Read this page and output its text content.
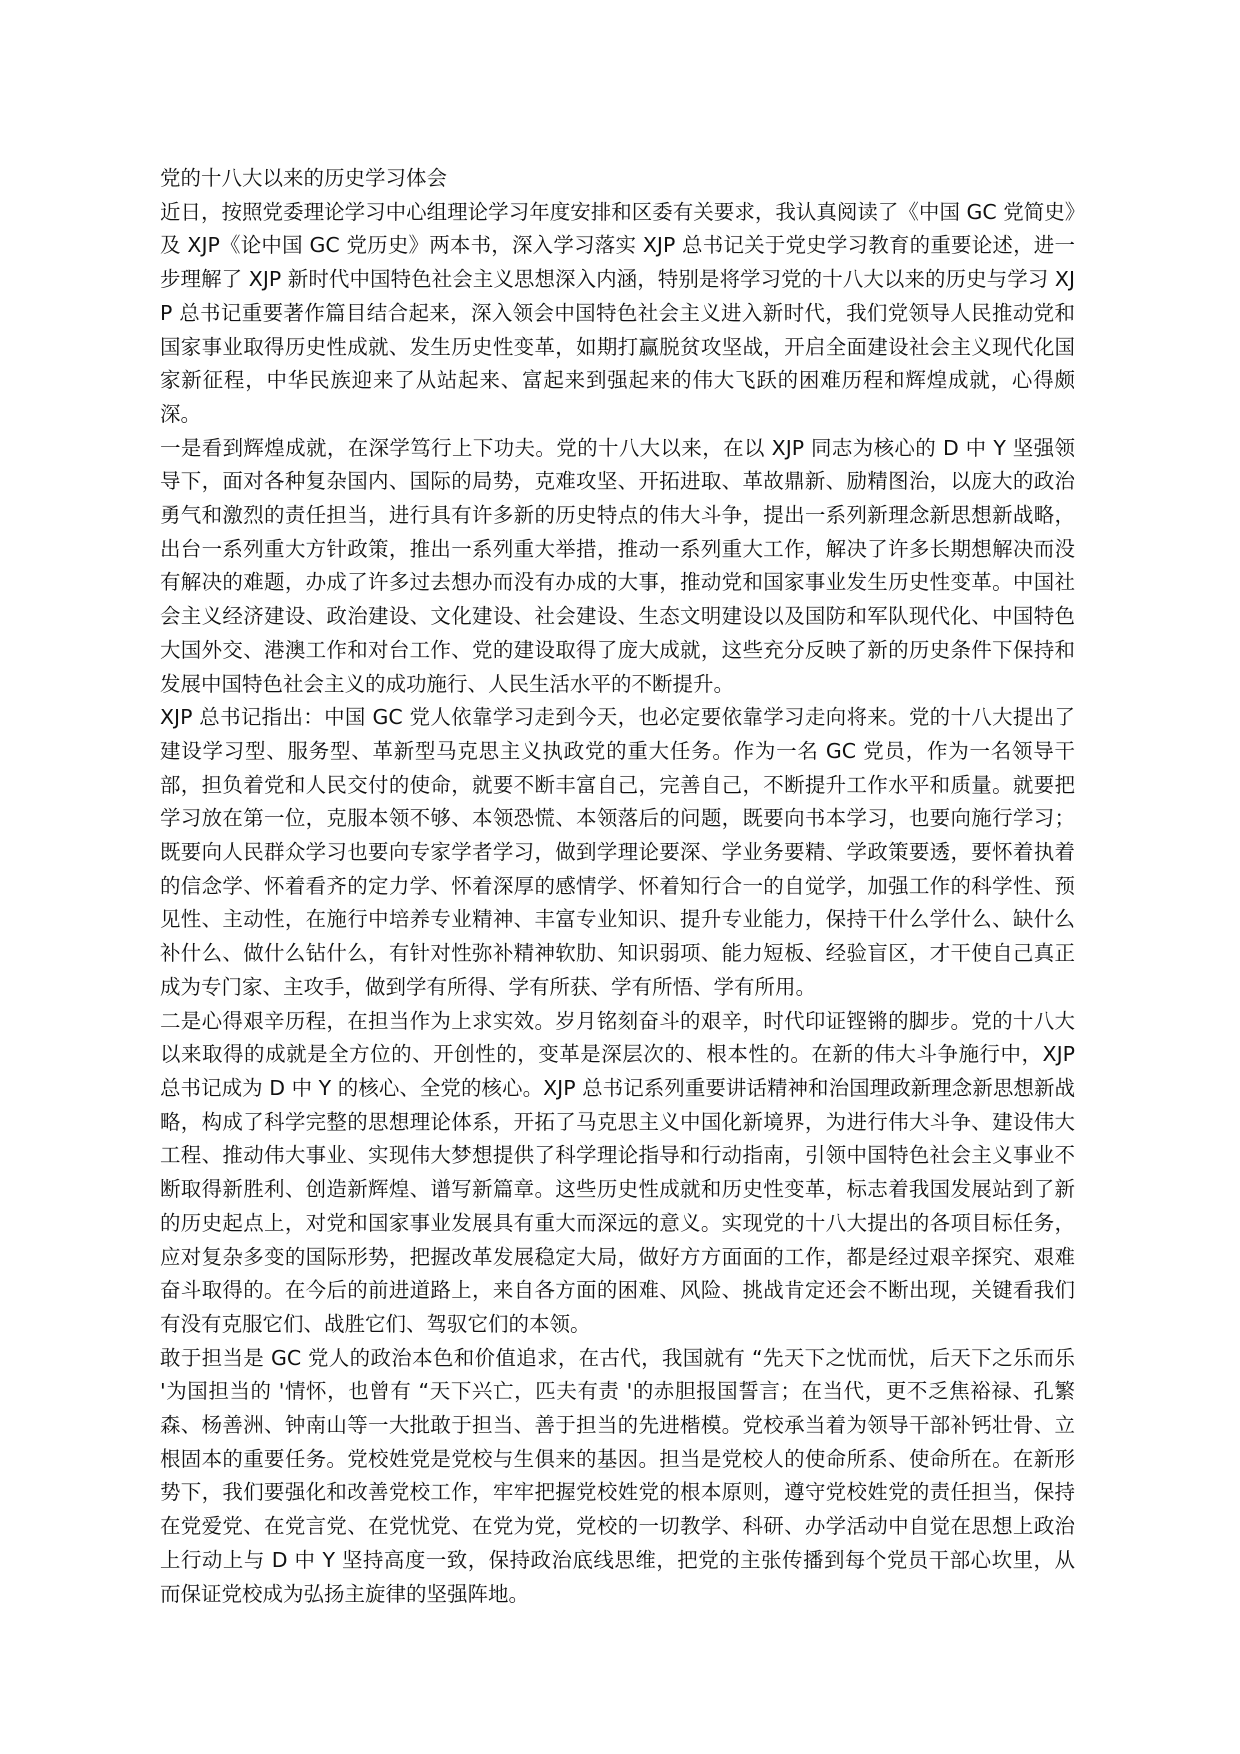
党的十八大以来的历史学习体会

近日，按照党委理论学习中心组理论学习年度安排和区委有关要求，我认真阅读了《中国 GC 党简史》及 XJP《论中国 GC 党历史》两本书，深入学习落实 XJP 总书记关于党史学习教育的重要论述，进一步理解了 XJP 新时代中国特色社会主义思想深入内涵，特别是将学习党的十八大以来的历史与学习 XJP 总书记重要著作篇目结合起来，深入领会中国特色社会主义进入新时代，我们党领导人民推动党和国家事业取得历史性成就、发生历史性变革，如期打赢脱贫攻坚战，开启全面建设社会主义现代化国家新征程，中华民族迎来了从站起来、富起来到强起来的伟大飞跃的困难历程和辉煌成就，心得颇深。

一是看到辉煌成就，在深学笃行上下功夫。党的十八大以来，在以 XJP 同志为核心的 D 中 Y 坚强领导下，面对各种复杂国内、国际的局势，克难攻坚、开拓进取、革故鼎新、励精图治，以庞大的政治勇气和激烈的责任担当，进行具有许多新的历史特点的伟大斗争，提出一系列新理念新思想新战略，出台一系列重大方针政策，推出一系列重大举措，推动一系列重大工作，解决了许多长期想解决而没有解决的难题，办成了许多过去想办而没有办成的大事，推动党和国家事业发生历史性变革。中国社会主义经济建设、政治建设、文化建设、社会建设、生态文明建设以及国防和军队现代化、中国特色大国外交、港澳工作和对台工作、党的建设取得了庞大成就，这些充分反映了新的历史条件下保持和发展中国特色社会主义的成功施行、人民生活水平的不断提升。

XJP 总书记指出：中国 GC 党人依靠学习走到今天，也必定要依靠学习走向将来。党的十八大提出了建设学习型、服务型、革新型马克思主义执政党的重大任务。作为一名 GC 党员，作为一名领导干部，担负着党和人民交付的使命，就要不断丰富自己，完善自己，不断提升工作水平和质量。就要把学习放在第一位，克服本领不够、本领恐慌、本领落后的问题，既要向书本学习，也要向施行学习；既要向人民群众学习也要向专家学者学习，做到学理论要深、学业务要精、学政策要透，要怀着执着的信念学、怀着看齐的定力学、怀着深厚的感情学、怀着知行合一的自觉学，加强工作的科学性、预见性、主动性，在施行中培养专业精神、丰富专业知识、提升专业能力，保持干什么学什么、缺什么补什么、做什么钻什么，有针对性弥补精神软肋、知识弱项、能力短板、经验盲区，才干使自己真正成为专门家、主攻手，做到学有所得、学有所获、学有所悟、学有所用。

二是心得艰辛历程，在担当作为上求实效。岁月铭刻奋斗的艰辛，时代印证铿锵的脚步。党的十八大以来取得的成就是全方位的、开创性的，变革是深层次的、根本性的。在新的伟大斗争施行中，XJP 总书记成为 D 中 Y 的核心、全党的核心。XJP 总书记系列重要讲话精神和治国理政新理念新思想新战略，构成了科学完整的思想理论体系，开拓了马克思主义中国化新境界，为进行伟大斗争、建设伟大工程、推动伟大事业、实现伟大梦想提供了科学理论指导和行动指南，引领中国特色社会主义事业不断取得新胜利、创造新辉煌、谱写新篇章。这些历史性成就和历史性变革，标志着我国发展站到了新的历史起点上，对党和国家事业发展具有重大而深远的意义。实现党的十八大提出的各项目标任务，应对复杂多变的国际形势，把握改革发展稳定大局，做好方方面面的工作，都是经过艰辛探究、艰难奋斗取得的。在今后的前进道路上，来自各方面的困难、风险、挑战肯定还会不断出现，关键看我们有没有克服它们、战胜它们、驾驭它们的本领。

敢于担当是 GC 党人的政治本色和价值追求，在古代，我国就有 “先天下之忧而忧，后天下之乐而乐 '为国担当的 '情怀，也曾有 “天下兴亡，匹夫有责 '的赤胆报国誓言；在当代，更不乏焦裕禄、孔繁森、杨善洲、钟南山等一大批敢于担当、善于担当的先进楷模。党校承当着为领导干部补钙壮骨、立根固本的重要任务。党校姓党是党校与生俱来的基因。担当是党校人的使命所系、使命所在。在新形势下，我们要强化和改善党校工作，牢牢把握党校姓党的根本原则，遵守党校姓党的责任担当，保持在党爱党、在党言党、在党忧党、在党为党，党校的一切教学、科研、办学活动中自觉在思想上政治上行动上与 D 中 Y 坚持高度一致，保持政治底线思维，把党的主张传播到每个党员干部心坎里，从而保证党校成为弘扬主旋律的坚强阵地。
